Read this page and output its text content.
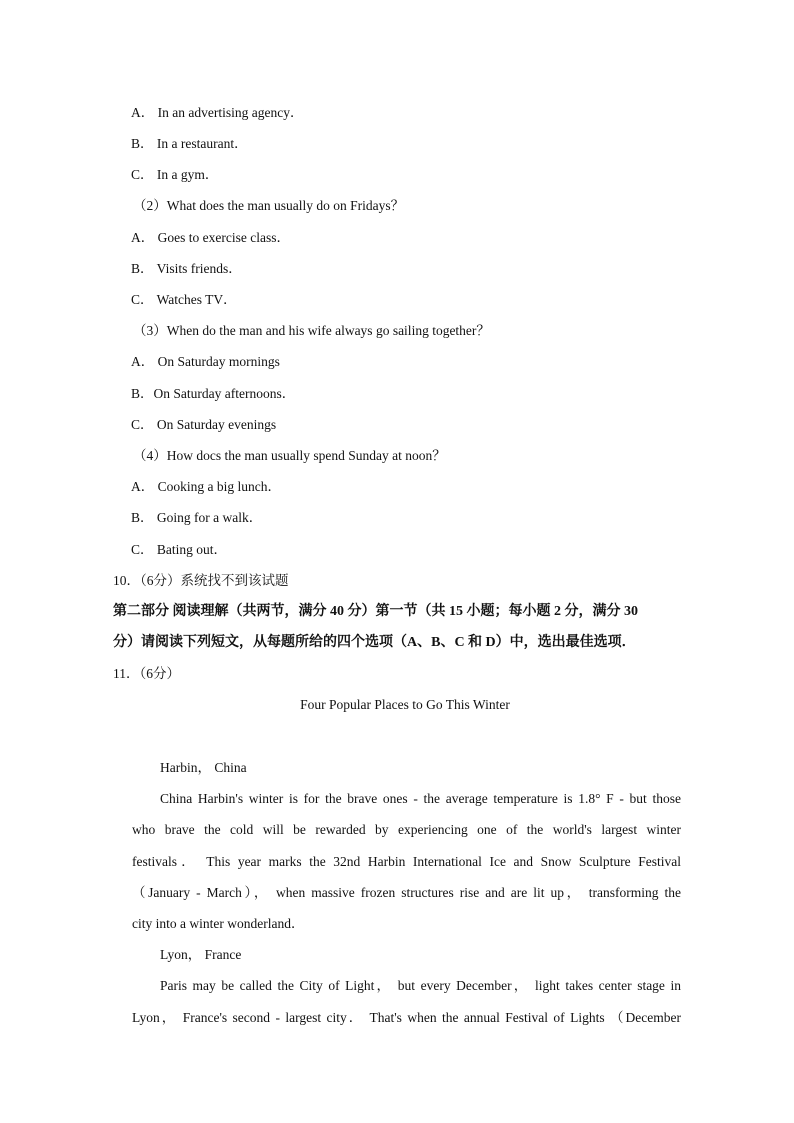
A． In an advertising agency．
B． In a restaurant．
C． In a gym．
（2）What does the man usually do on Fridays？
A． Goes to exercise class．
B． Visits friends．
C． Watches TV．
（3）When do the man and his wife always go sailing together？
A． On Saturday mornings
B．On Saturday afternoons．
C． On Saturday evenings
（4）How docs the man usually spend Sunday at noon？
A． Cooking a big lunch．
B． Going for a walk．
C． Bating out．
10．（6分）系统找不到该试题
第二部分 阅读理解（共两节，满分 40 分）第一节（共 15 小题；每小题 2 分，满分 30
分）请阅读下列短文，从每题所给的四个选项（A、B、C 和 D）中，选出最佳选项．
11．（6分）
Four Popular Places to Go This Winter
Harbin， China
China Harbin's winter is for the brave ones - the average temperature is 1.8° F - but those
who brave the cold will be rewarded by experiencing one of the world's largest winter
festivals． This year marks the 32nd Harbin International Ice and Snow Sculpture Festival
（January - March）， when massive frozen structures rise and are lit up， transforming the
city into a winter wonderland．
Lyon， France
Paris may be called the City of Light， but every December， light takes center stage in
Lyon， France's second - largest city． That's when the annual Festival of Lights （December
